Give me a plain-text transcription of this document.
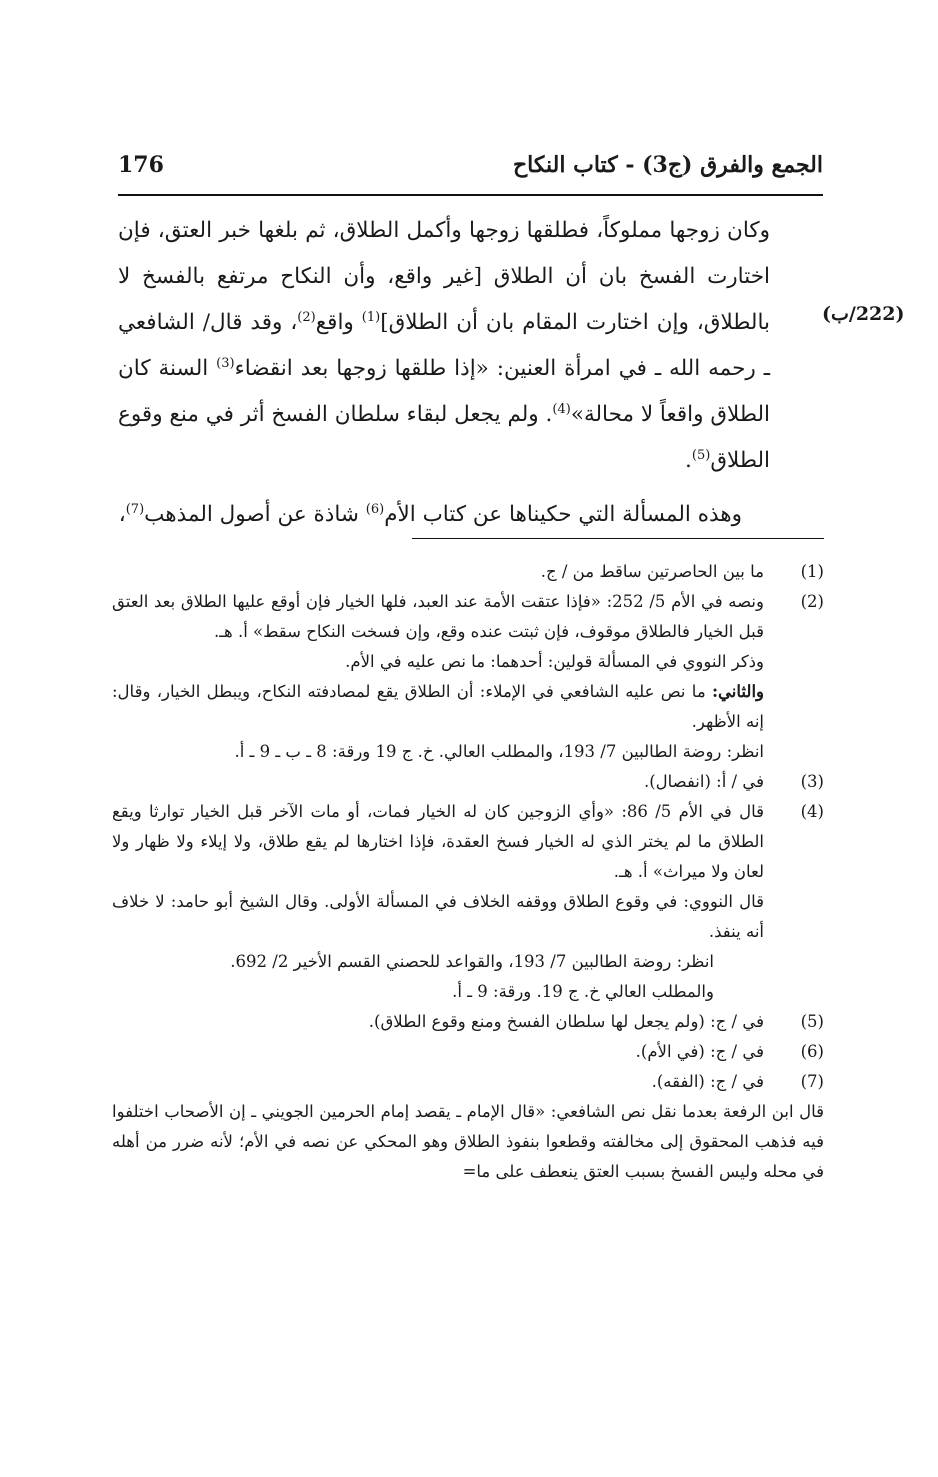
176	الجمع والفرق (ج3) - كتاب النكاح
(222/ب)

وكان زوجها مملوكاً، فطلقها زوجها وأكمل الطلاق، ثم بلغها خبر العتق، فإن اختارت الفسخ بان أن الطلاق [غير واقع، وأن النكاح مرتفع بالفسخ لا بالطلاق، وإن اختارت المقام بان أن الطلاق]$^{(1)}$ واقع$^{(2)}$، وقد قال/ الشافعي ـ رحمه الله ـ في امرأة العنين: «إذا طلقها زوجها بعد انقضاء$^{(3)}$ السنة كان الطلاق واقعاً لا محالة»$^{(4)}$. ولم يجعل لبقاء سلطان الفسخ أثر في منع وقوع الطلاق$^{(5)}$.

وهذه المسألة التي حكيناها عن كتاب الأم$^{(6)}$ شاذة عن أصول المذهب$^{(7)}$،

(1)
ما بين الحاصرتين ساقط من / ج.
(2)
ونصه في الأم 5/ 252: «فإذا عتقت الأمة عند العبد، فلها الخيار فإن أوقع عليها الطلاق بعد العتق قبل الخيار فالطلاق موقوف، فإن ثبتت عنده وقع، وإن فسخت النكاح سقط» أ. هـ.
وذكر النووي في المسألة قولين: أحدهما: ما نص عليه في الأم.
والثاني: ما نص عليه الشافعي في الإملاء: أن الطلاق يقع لمصادفته النكاح، ويبطل الخيار، وقال: إنه الأظهر.
انظر: روضة الطالبين 7/ 193، والمطلب العالي. خ. ج 19 ورقة: 8 ـ ب ـ 9 ـ أ.
(3)
في / أ: (انفصال).
(4)
قال في الأم 5/ 86: «وأي الزوجين كان له الخيار فمات، أو مات الآخر قبل الخيار توارثا ويقع الطلاق ما لم يختر الذي له الخيار فسخ العقدة، فإذا اختارها لم يقع طلاق، ولا إيلاء ولا ظهار ولا لعان ولا ميراث» أ. هـ.
قال النووي: في وقوع الطلاق ووقفه الخلاف في المسألة الأولى. وقال الشيخ أبو حامد: لا خلاف أنه ينفذ.
انظر: روضة الطالبين 7/ 193، والقواعد للحصني القسم الأخير 2/ 692.
والمطلب العالي خ. ج 19. ورقة: 9 ـ أ.
(5)
في / ج: (ولم يجعل لها سلطان الفسخ ومنع وقوع الطلاق).
(6)
في / ج: (في الأم).
(7)
في / ج: (الفقه).
قال ابن الرفعة بعدما نقل نص الشافعي: «قال الإمام ـ يقصد إمام الحرمين الجويني ـ إن الأصحاب اختلفوا فيه فذهب المحقوق إلى مخالفته وقطعوا بنفوذ الطلاق وهو المحكي عن نصه في الأم؛ لأنه ضرر من أهله في محله وليس الفسخ بسبب العتق ينعطف على ما=
